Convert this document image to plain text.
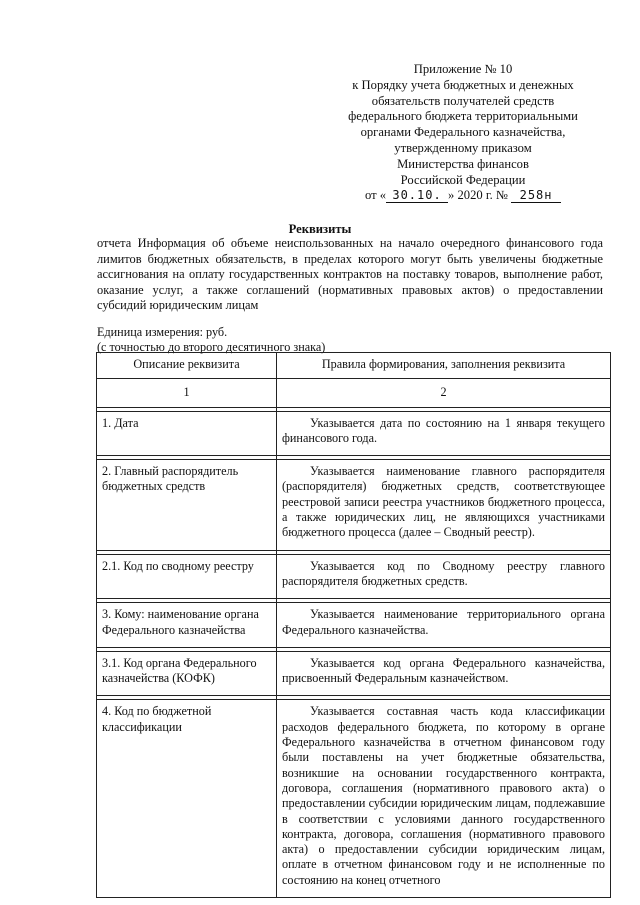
Приложение № 10
к Порядку учета бюджетных и денежных
обязательств получателей средств
федерального бюджета территориальными
органами Федерального казначейства,
утвержденному приказом
Министерства финансов
Российской Федерации
от « 30.10. » 2020 г. № 258н
Реквизиты
отчета Информация об объеме неиспользованных на начало очередного финансового года лимитов бюджетных обязательств, в пределах которого могут быть увеличены бюджетные ассигнования на оплату государственных контрактов на поставку товаров, выполнение работ, оказание услуг, а также соглашений (нормативных правовых актов) о предоставлении субсидий юридическим лицам
Единица измерения: руб.
(с точностью до второго десятичного знака)
Описание реквизита	Правила формирования, заполнения реквизита
1	2

1. Дата	Указывается дата по состоянию на 1 января текущего финансового года.

2. Главный распорядитель бюджетных средств	Указывается наименование главного распорядителя (распорядителя) бюджетных средств, соответствующее реестровой записи реестра участников бюджетного процесса, а также юридических лиц, не являющихся участниками бюджетного процесса (далее – Сводный реестр).

2.1. Код по сводному реестру	Указывается код по Сводному реестру главного распорядителя бюджетных средств.

3. Кому: наименование органа Федерального казначейства	Указывается наименование территориального органа Федерального казначейства.

3.1. Код органа Федерального казначейства (КОФК)	Указывается код органа Федерального казначейства, присвоенный Федеральным казначейством.

4. Код по бюджетной классификации	Указывается составная часть кода классификации расходов федерального бюджета, по которому в органе Федерального казначейства в отчетном финансовом году были поставлены на учет бюджетные обязательства, возникшие на основании государственного контракта, договора, соглашения (нормативного правового акта) о предоставлении субсидии юридическим лицам, подлежавшие в соответствии с условиями данного государственного контракта, договора, соглашения (нормативного правового акта) о предоставлении субсидии юридическим лицам, оплате в отчетном финансовом году и не исполненные по состоянию на конец отчетного
